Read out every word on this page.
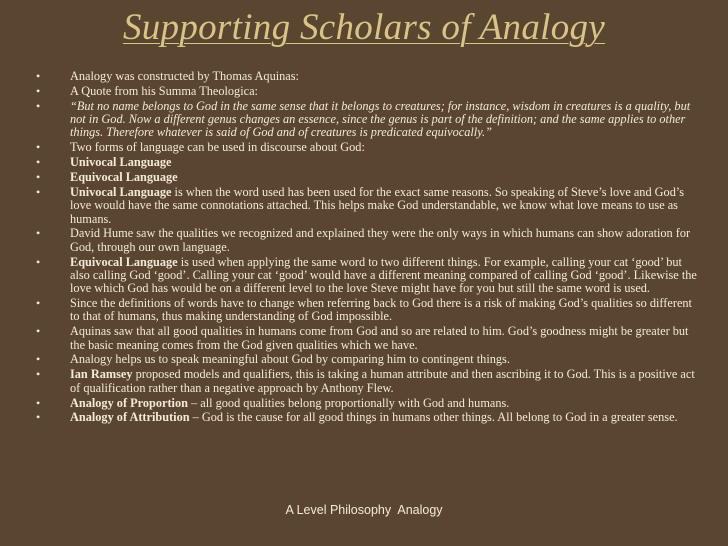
Supporting Scholars of Analogy
• Analogy was constructed by Thomas Aquinas:
• A Quote from his Summa Theologica:
• “But no name belongs to God in the same sense that it belongs to creatures; for instance, wisdom in creatures is a quality, but not in God. Now a different genus changes an essence, since the genus is part of the definition; and the same applies to other things. Therefore whatever is said of God and of creatures is predicated equivocally.”
• Two forms of language can be used in discourse about God:
• Univocal Language
• Equivocal Language
• Univocal Language is when the word used has been used for the exact same reasons. So speaking of Steve’s love and God’s love would have the same connotations attached. This helps make God understandable, we know what love means to use as humans.
• David Hume saw the qualities we recognized and explained they were the only ways in which humans can show adoration for God, through our own language.
• Equivocal Language is used when applying the same word to two different things. For example, calling your cat ‘good’ but also calling God ‘good’. Calling your cat ‘good’ would have a different meaning compared of calling God ‘good’. Likewise the love which God has would be on a different level to the love Steve might have for you but still the same word is used.
• Since the definitions of words have to change when referring back to God there is a risk of making God’s qualities so different to that of humans, thus making understanding of God impossible.
• Aquinas saw that all good qualities in humans come from God and so are related to him. God’s goodness might be greater but the basic meaning comes from the God given qualities which we have.
• Analogy helps us to speak meaningful about God by comparing him to contingent things.
• Ian Ramsey proposed models and qualifiers, this is taking a human attribute and then ascribing it to God. This is a positive act of qualification rather than a negative approach by Anthony Flew.
• Analogy of Proportion – all good qualities belong proportionally with God and humans.
• Analogy of Attribution – God is the cause for all good things in humans other things. All belong to God in a greater sense.
A Level Philosophy  Analogy
